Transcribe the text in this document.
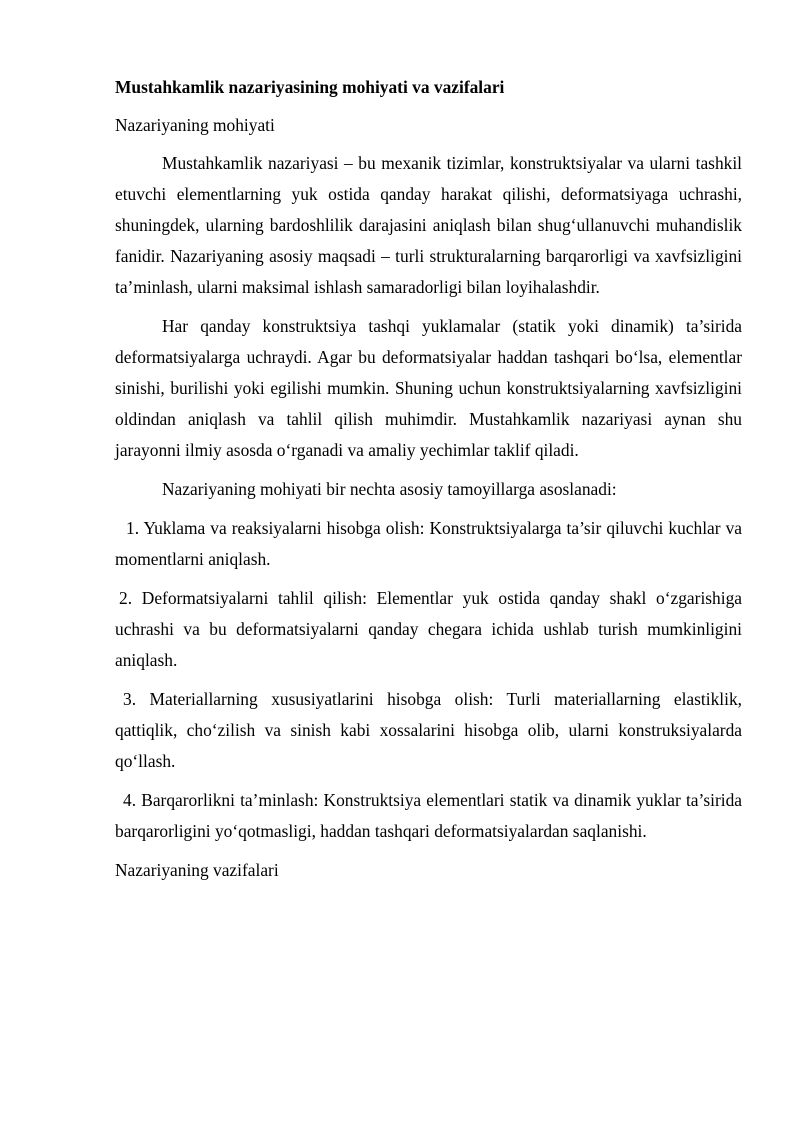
Mustahkamlik nazariyasining mohiyati va vazifalari

Nazariyaning mohiyati

Mustahkamlik nazariyasi – bu mexanik tizimlar, konstruktsiyalar va ularni tashkil etuvchi elementlarning yuk ostida qanday harakat qilishi, deformatsiyaga uchrashi, shuningdek, ularning bardoshlilik darajasini aniqlash bilan shug‘ullanuvchi muhandislik fanidir. Nazariyaning asosiy maqsadi – turli strukturalarning barqarorligi va xavfsizligini ta’minlash, ularni maksimal ishlash samaradorligi bilan loyihalashdir.

Har qanday konstruktsiya tashqi yuklamalar (statik yoki dinamik) ta’sirida deformatsiyalarga uchraydi. Agar bu deformatsiyalar haddan tashqari bo‘lsa, elementlar sinishi, burilishi yoki egilishi mumkin. Shuning uchun konstruktsiyalarning xavfsizligini oldindan aniqlash va tahlil qilish muhimdir. Mustahkamlik nazariyasi aynan shu jarayonni ilmiy asosda o‘rganadi va amaliy yechimlar taklif qiladi.

Nazariyaning mohiyati bir nechta asosiy tamoyillarga asoslanadi:

1. Yuklama va reaksiyalarni hisobga olish: Konstruktsiyalarga ta’sir qiluvchi kuchlar va momentlarni aniqlash.

2. Deformatsiyalarni tahlil qilish: Elementlar yuk ostida qanday shakl o‘zgarishiga uchrashi va bu deformatsiyalarni qanday chegara ichida ushlab turish mumkinligini aniqlash.

3. Materiallarning xususiyatlarini hisobga olish: Turli materiallarning elastiklik, qattiqlik, cho‘zilish va sinish kabi xossalarini hisobga olib, ularni konstruksiyalarda qo‘llash.

4. Barqarorlikni ta’minlash: Konstruktsiya elementlari statik va dinamik yuklar ta’sirida barqarorligini yo‘qotmasligi, haddan tashqari deformatsiyalardan saqlanishi.

Nazariyaning vazifalari
